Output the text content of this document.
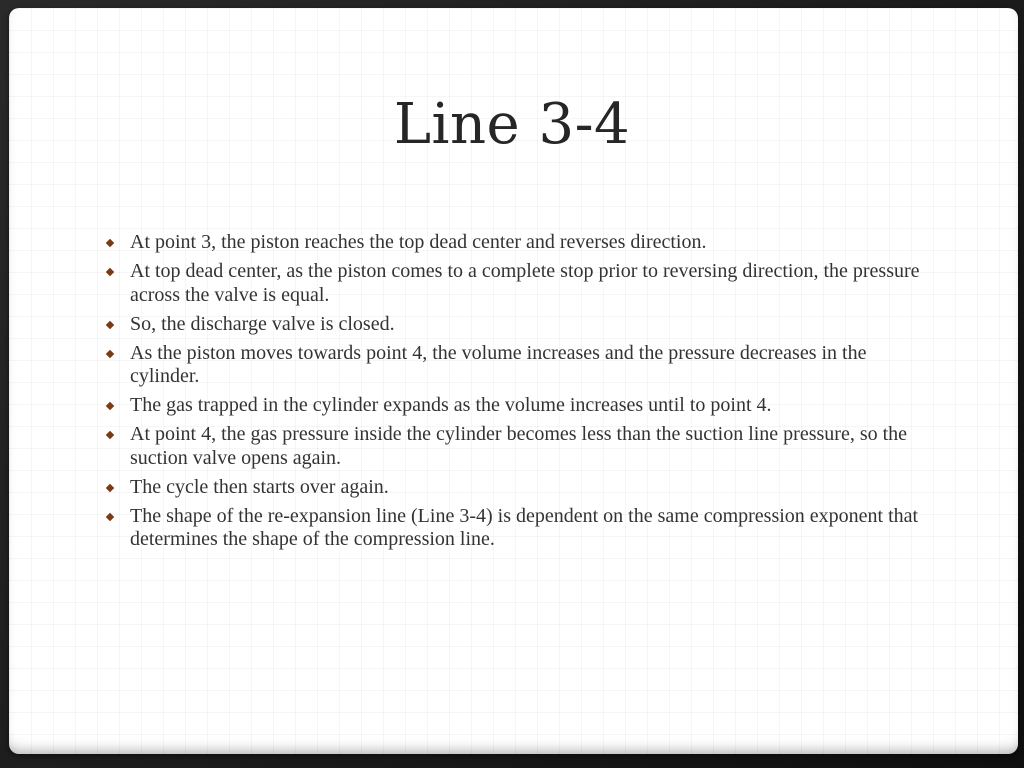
Line 3-4
At point 3, the piston reaches the top dead center and reverses direction.
At top dead center, as the piston comes to a complete stop prior to reversing direction, the pressure across the valve is equal.
So, the discharge valve is closed.
As the piston moves towards point 4, the volume increases and the pressure decreases in the cylinder.
The gas trapped in the cylinder expands as the volume increases until to point 4.
At point 4, the gas pressure inside the cylinder becomes less than the suction line pressure, so the suction valve opens again.
The cycle then starts over again.
The shape of the re-expansion line (Line 3-4) is dependent on the same compression exponent that determines the shape of the compression line.
